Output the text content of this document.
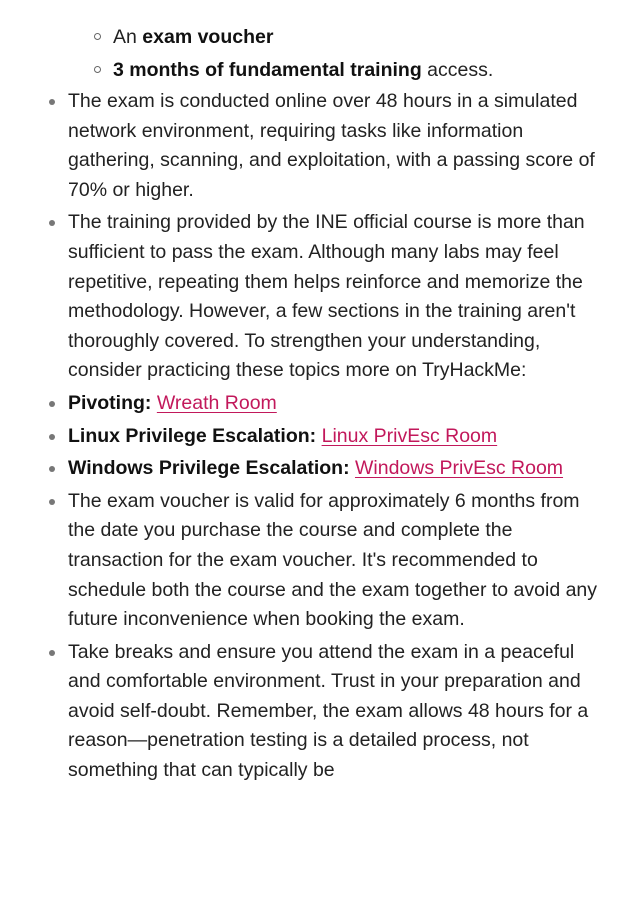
An exam voucher
3 months of fundamental training access.
The exam is conducted online over 48 hours in a simulated network environment, requiring tasks like information gathering, scanning, and exploitation, with a passing score of 70% or higher.
The training provided by the INE official course is more than sufficient to pass the exam. Although many labs may feel repetitive, repeating them helps reinforce and memorize the methodology. However, a few sections in the training aren't thoroughly covered. To strengthen your understanding, consider practicing these topics more on TryHackMe:
Pivoting: Wreath Room
Linux Privilege Escalation: Linux PrivEsc Room
Windows Privilege Escalation: Windows PrivEsc Room
The exam voucher is valid for approximately 6 months from the date you purchase the course and complete the transaction for the exam voucher. It's recommended to schedule both the course and the exam together to avoid any future inconvenience when booking the exam.
Take breaks and ensure you attend the exam in a peaceful and comfortable environment. Trust in your preparation and avoid self-doubt. Remember, the exam allows 48 hours for a reason—penetration testing is a detailed process, not something that can typically be
